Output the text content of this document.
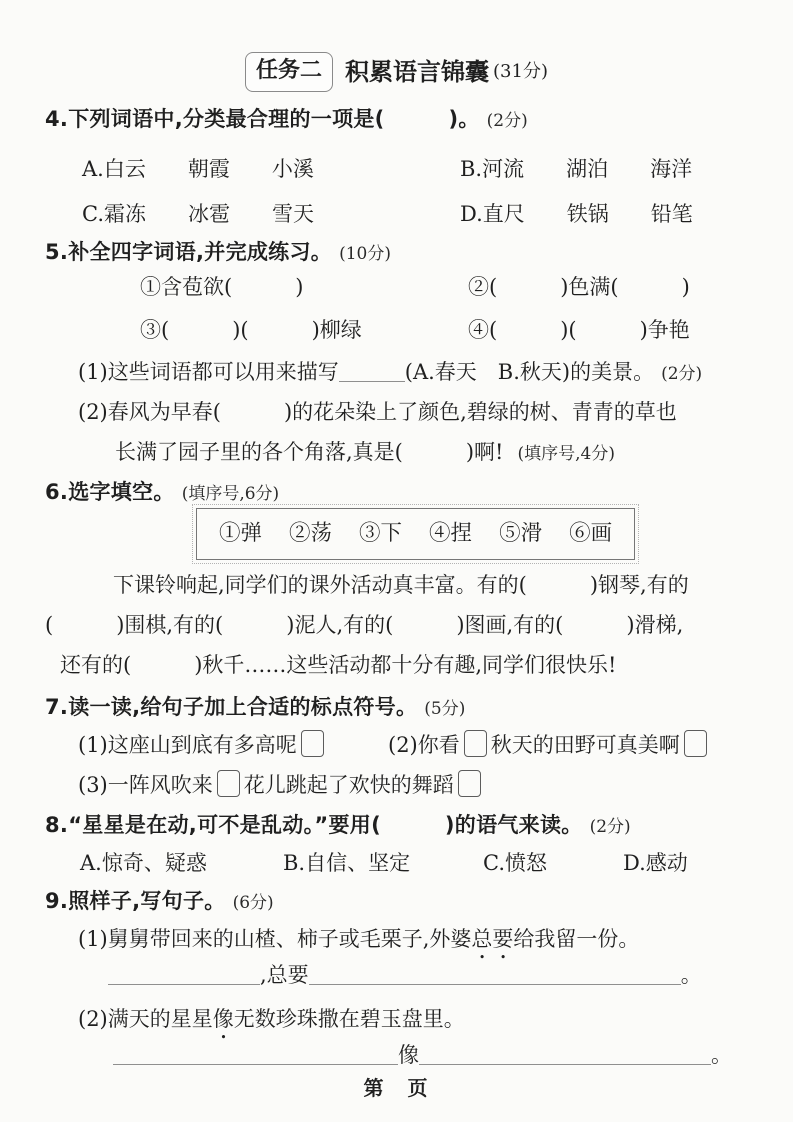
任务二 积累语言锦囊 (31分)
4.下列词语中,分类最合理的一项是(　　　)。 (2分)
A.白云　　朝霞　　小溪	B.河流　　湖泊　　海洋
C.霜冻　　冰雹　　雪天	D.直尺　　铁锅　　铅笔
5.补全四字词语,并完成练习。 (10分)
①含苞欲(　　　)	②(　　　)色满(　　　)
③(　　　)(　　　)柳绿	④(　　　)(　　　)争艳
(1)这些词语都可以用来描写	(A.春天　B.秋天)的美景。 (2分)
(2)春风为早春(　　　)的花朵染上了颜色,碧绿的树、青青的草也
长满了园子里的各个角落,真是(　　　)啊! (填序号,4分)
6.选字填空。 (填序号,6分)
①弹 ②荡 ③下 ④捏 ⑤滑 ⑥画
下课铃响起,同学们的课外活动真丰富。有的(　　　)钢琴,有的
(　　　)围棋,有的(　　　)泥人,有的(　　　)图画,有的(　　　)滑梯,
还有的(　　　)秋千……这些活动都十分有趣,同学们很快乐!
7.读一读,给句子加上合适的标点符号。 (5分)
(1)这座山到底有多高呢	(2)你看 秋天的田野可真美啊
(3)一阵风吹来 花儿跳起了欢快的舞蹈
8.“星星是在动,可不是乱动。”要用(　　　)的语气来读。 (2分)
A.惊奇、疑惑	B.自信、坚定	C.愤怒	D.感动
9.照样子,写句子。 (6分)
(1)舅舅带回来的山楂、柿子或毛栗子,外婆总要给我留一份。
,总要	。
(2)满天的星星像无数珍珠撒在碧玉盘里。
像	。
第　页
